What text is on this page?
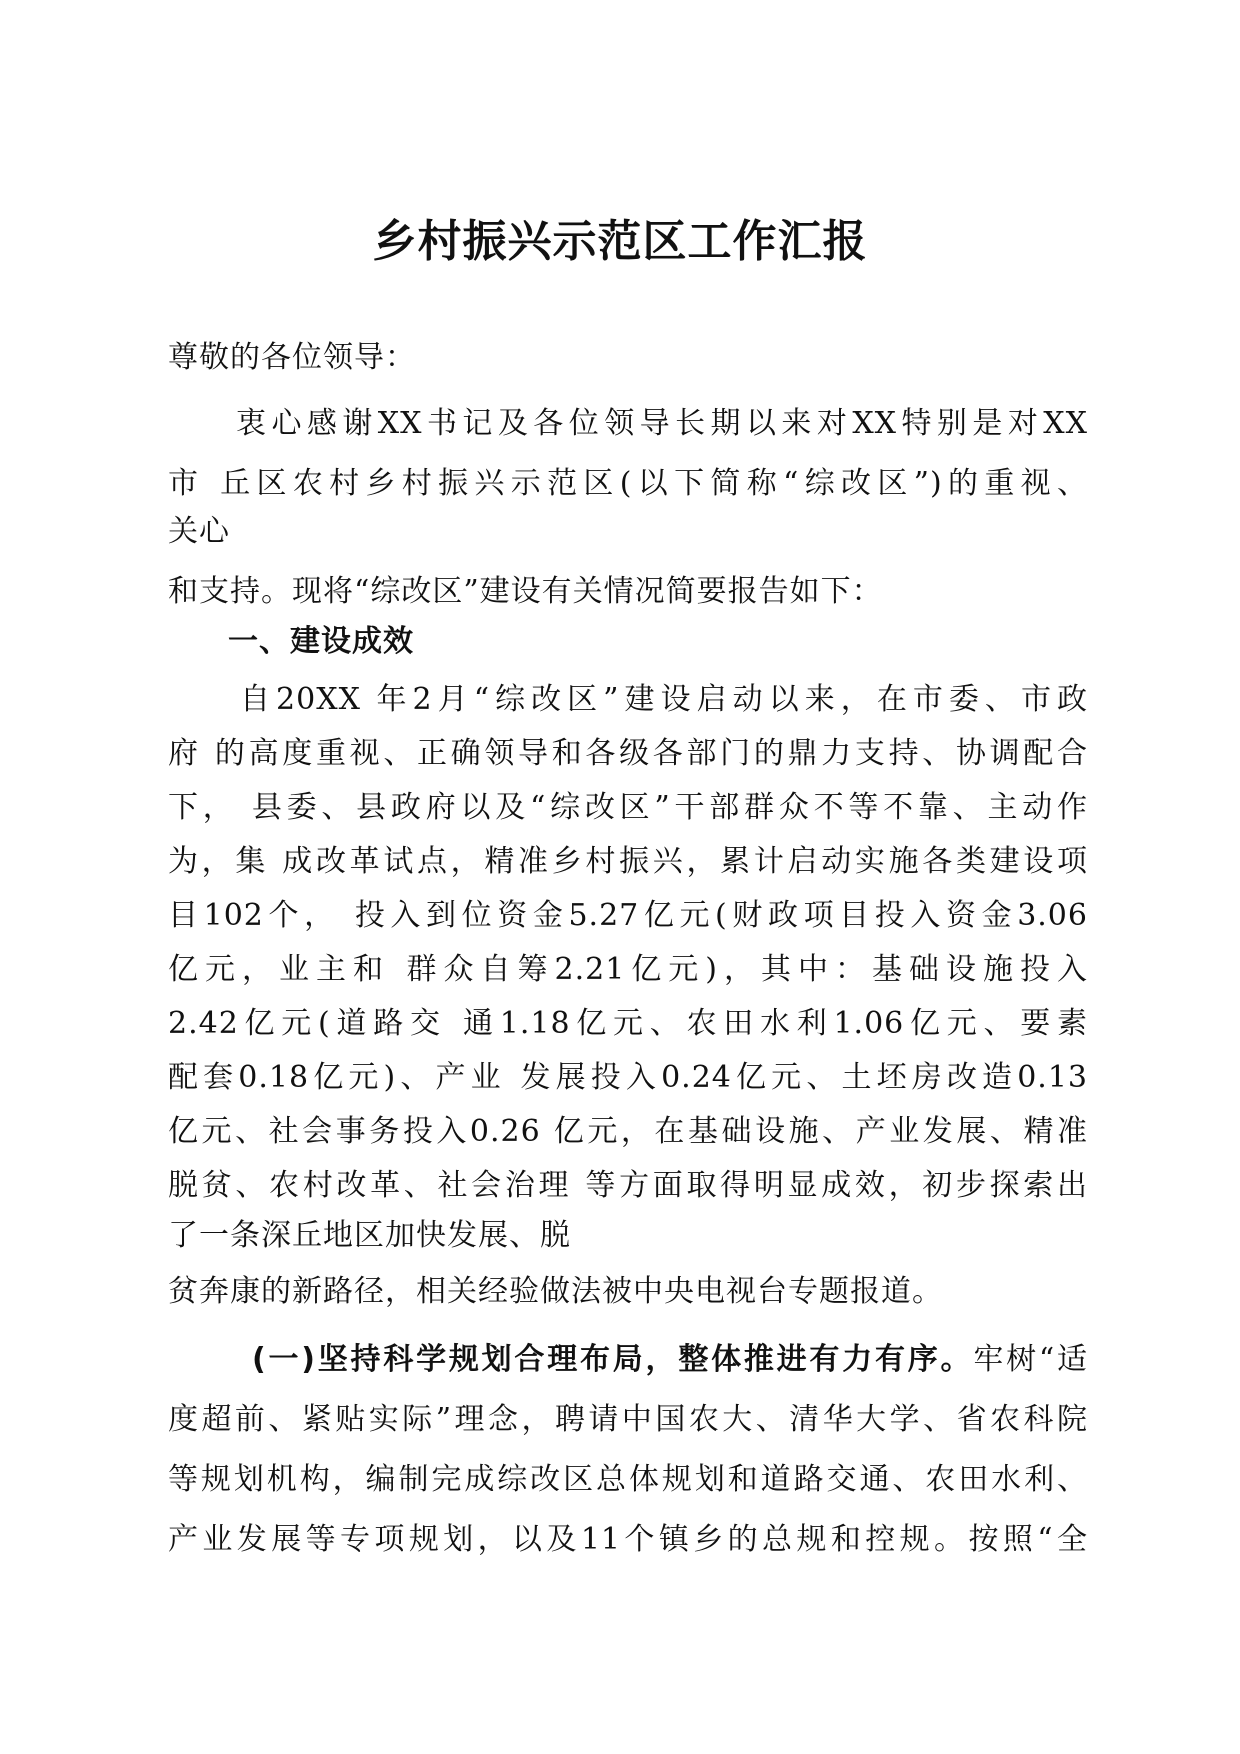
乡村振兴示范区工作汇报
尊敬的各位领导：
衷心感谢XX书记及各位领导长期以来对XX特别是对XX
市 丘区农村乡村振兴示范区(以下简称“综改区”)的重视、
关心
和支持。现将“综改区”建设有关情况简要报告如下：
一、建设成效
自20XX 年2月“综改区”建设启动以来，在市委、市政
府 的高度重视、正确领导和各级各部门的鼎力支持、协调配合
下， 县委、县政府以及“综改区”干部群众不等不靠、主动作
为，集 成改革试点，精准乡村振兴，累计启动实施各类建设项
目102个， 投入到位资金5.27亿元(财政项目投入资金3.06
亿元，业主和 群众自筹2.21亿元)，其中：基础设施投入
2.42亿元(道路交 通1.18亿元、农田水利1.06亿元、要素
配套0.18亿元)、产业 发展投入0.24亿元、土坯房改造0.13
亿元、社会事务投入0.26 亿元，在基础设施、产业发展、精准
脱贫、农村改革、社会治理 等方面取得明显成效，初步探索出
了一条深丘地区加快发展、脱
贫奔康的新路径，相关经验做法被中央电视台专题报道。
(一)坚持科学规划合理布局，整体推进有力有序。牢树“适
度超前、紧贴实际”理念，聘请中国农大、清华大学、省农科院
等规划机构，编制完成综改区总体规划和道路交通、农田水利、
产业发展等专项规划，以及11个镇乡的总规和控规。按照“全
